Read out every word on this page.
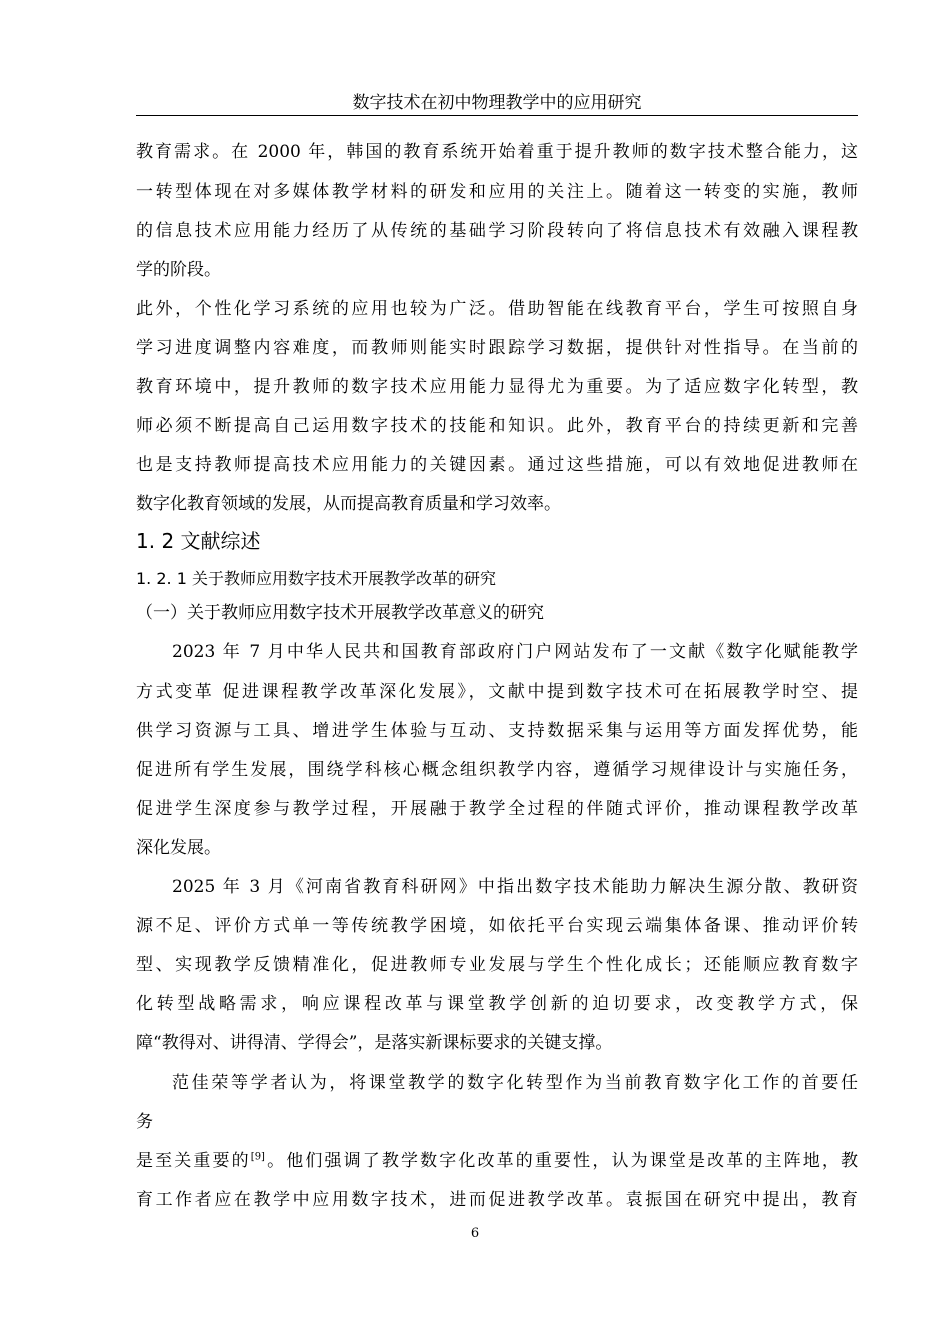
数字技术在初中物理教学中的应用研究
教育需求。在 2000 年，韩国的教育系统开始着重于提升教师的数字技术整合能力，这
一转型体现在对多媒体教学材料的研发和应用的关注上。随着这一转变的实施，教师
的信息技术应用能力经历了从传统的基础学习阶段转向了将信息技术有效融入课程教
学的阶段。
此外，个性化学习系统的应用也较为广泛。借助智能在线教育平台，学生可按照自身
学习进度调整内容难度，而教师则能实时跟踪学习数据，提供针对性指导。在当前的
教育环境中，提升教师的数字技术应用能力显得尤为重要。为了适应数字化转型，教
师必须不断提高自己运用数字技术的技能和知识。此外，教育平台的持续更新和完善
也是支持教师提高技术应用能力的关键因素。通过这些措施，可以有效地促进教师在
数字化教育领域的发展，从而提高教育质量和学习效率。
1. 2 文献综述
1. 2. 1 关于教师应用数字技术开展教学改革的研究
（一）关于教师应用数字技术开展教学改革意义的研究
2023 年 7 月中华人民共和国教育部政府门户网站发布了一文献《数字化赋能教学
方式变革 促进课程教学改革深化发展》，文献中提到数字技术可在拓展教学时空、提
供学习资源与工具、增进学生体验与互动、支持数据采集与运用等方面发挥优势，能
促进所有学生发展，围绕学科核心概念组织教学内容，遵循学习规律设计与实施任务，
促进学生深度参与教学过程，开展融于教学全过程的伴随式评价，推动课程教学改革
深化发展。
2025 年 3 月《河南省教育科研网》中指出数字技术能助力解决生源分散、教研资
源不足、评价方式单一等传统教学困境，如依托平台实现云端集体备课、推动评价转
型、实现教学反馈精准化，促进教师专业发展与学生个性化成长；还能顺应教育数字
化转型战略需求，响应课程改革与课堂教学创新的迫切要求，改变教学方式，保
障“教得对、讲得清、学得会”，是落实新课标要求的关键支撑。
范佳荣等学者认为，将课堂教学的数字化转型作为当前教育数字化工作的首要任
务
是至关重要的[9]。他们强调了教学数字化改革的重要性，认为课堂是改革的主阵地，教
育工作者应在教学中应用数字技术，进而促进教学改革。袁振国在研究中提出，教育
6
